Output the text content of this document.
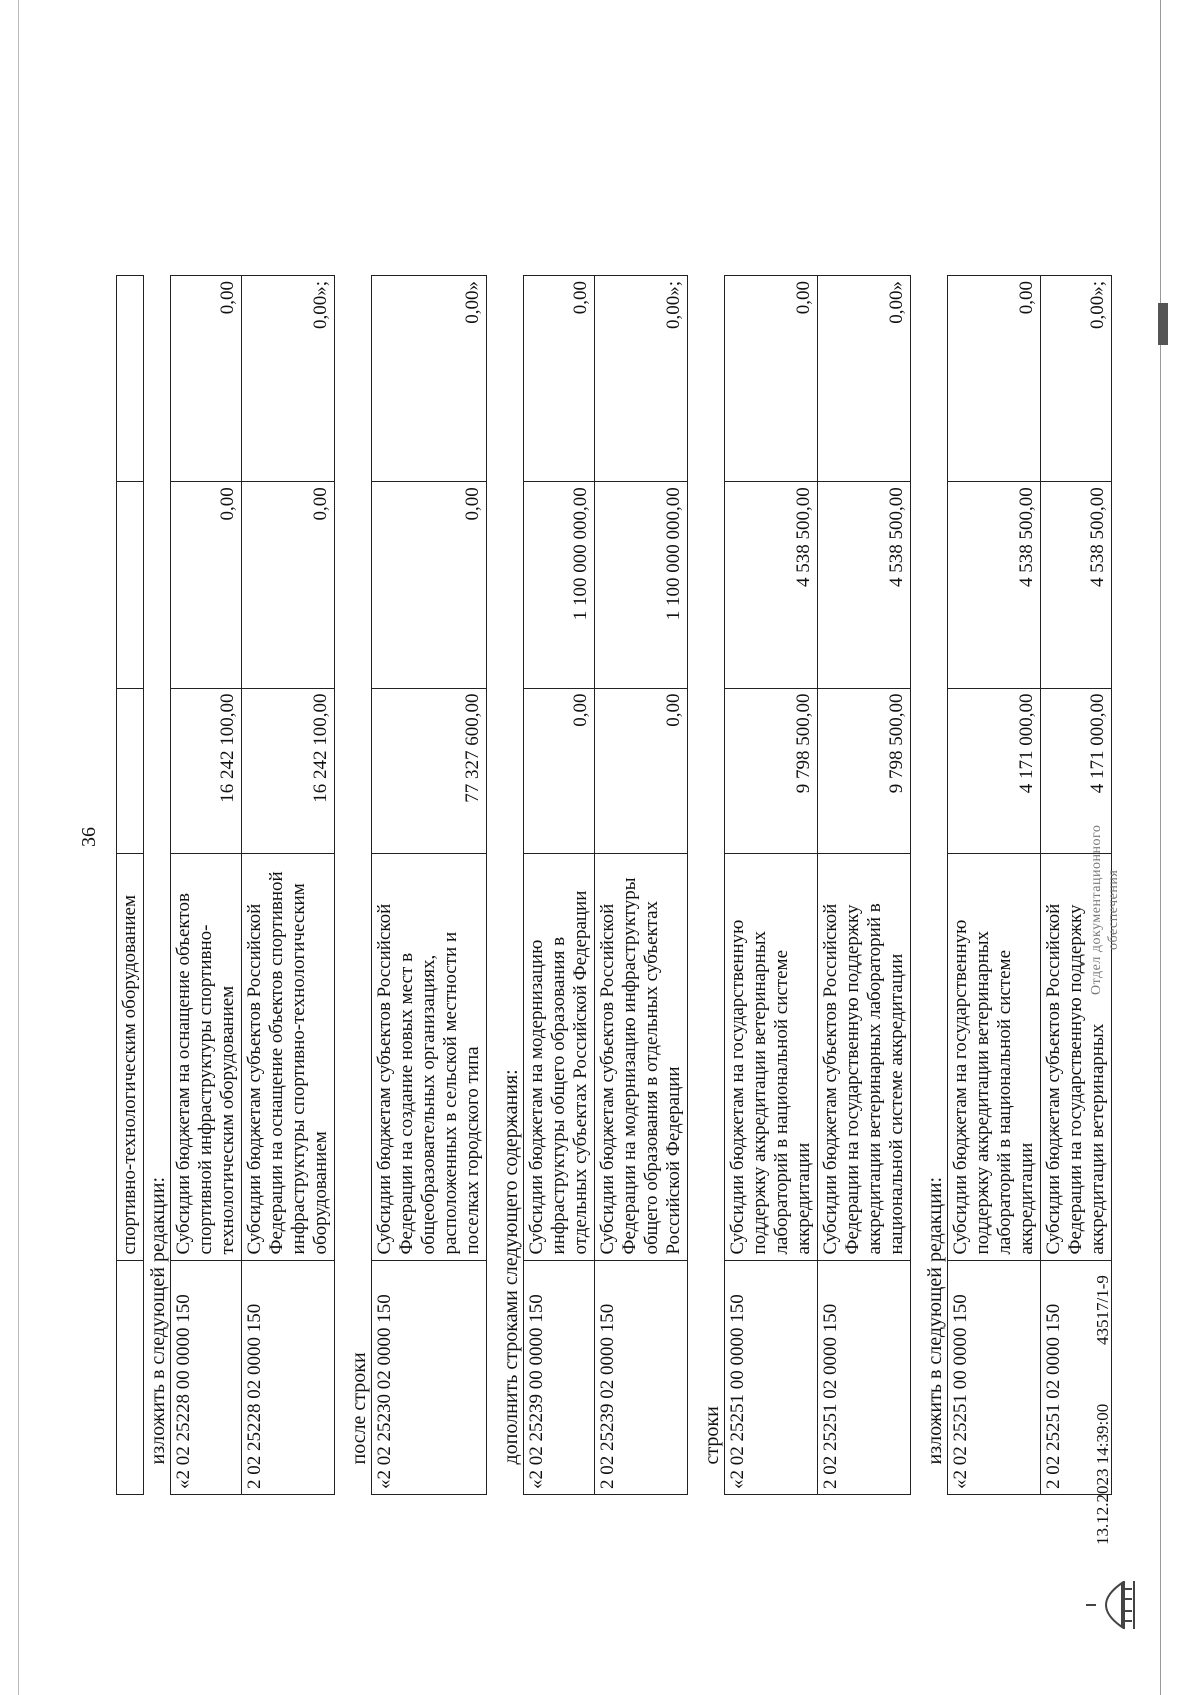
36
	спортивно-технологическим оборудованием			
изложить в следующей редакции:				
«2 02 25228 00 0000 150	Субсидии бюджетам на оснащение объектов спортивной инфраструктуры спортивно-технологическим оборудованием	16 242 100,00	0,00	0,00
2 02 25228 02 0000 150	Субсидии бюджетам субъектов Российской Федерации на оснащение объектов спортивной инфраструктуры спортивно-технологическим оборудованием	16 242 100,00	0,00	0,00»;

после строки				
«2 02 25230 02 0000 150	Субсидии бюджетам субъектов Российской Федерации на создание новых мест в общеобразовательных организациях, расположенных в сельской местности и поселках городского типа	77 327 600,00	0,00	0,00»

дополнить строками следующего содержания:				
«2 02 25239 00 0000 150	Субсидии бюджетам на модернизацию инфраструктуры общего образования в отдельных субъектах Российской Федерации	0,00	1 100 000 000,00	0,00
2 02 25239 02 0000 150	Субсидии бюджетам субъектов Российской Федерации на модернизацию инфраструктуры общего образования в отдельных субъектах Российской Федерации	0,00	1 100 000 000,00	0,00»;

строки				
«2 02 25251 00 0000 150	Субсидии бюджетам на государственную поддержку аккредитации ветеринарных лабораторий в национальной системе аккредитации	9 798 500,00	4 538 500,00	0,00
2 02 25251 02 0000 150	Субсидии бюджетам субъектов Российской Федерации на государственную поддержку аккредитации ветеринарных лабораторий в национальной системе аккредитации	9 798 500,00	4 538 500,00	0,00»

изложить в следующей редакции:				
«2 02 25251 00 0000 150	Субсидии бюджетам на государственную поддержку аккредитации ветеринарных лабораторий в национальной системе аккредитации	4 171 000,00	4 538 500,00	0,00
2 02 25251 02 0000 150	Субсидии бюджетам субъектов Российской Федерации на государственную поддержку аккредитации ветеринарных	4 171 000,00	4 538 500,00	0,00»;
13.12.2023 14:39:00
43517/1-9
Отдел документационного обеспечения
